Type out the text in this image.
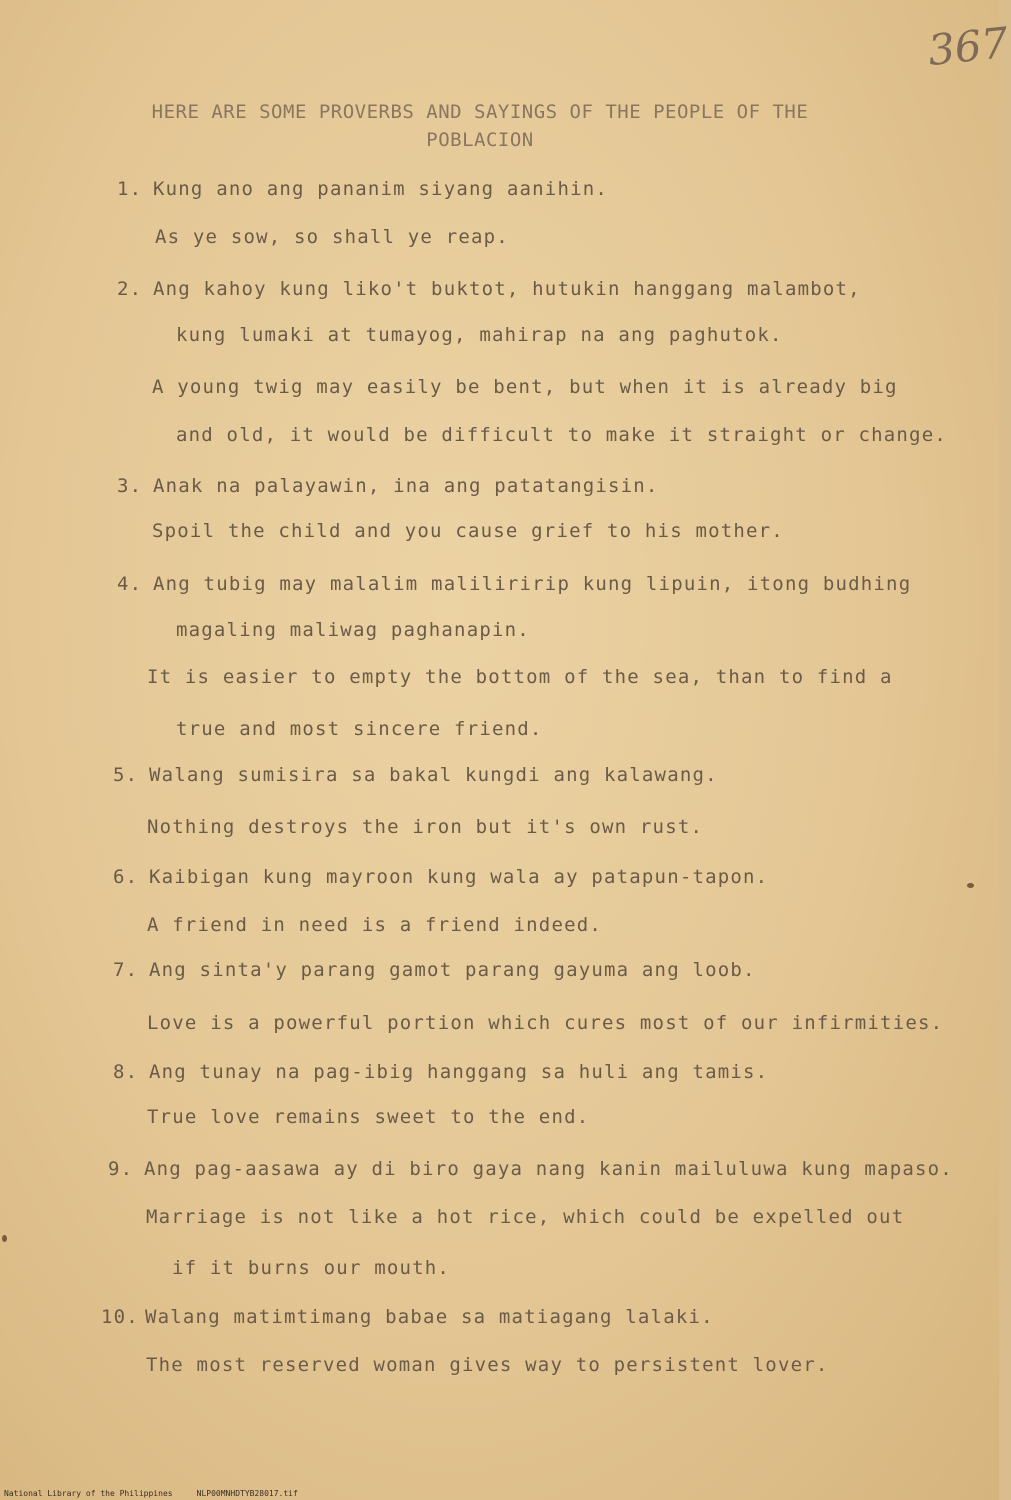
367
HERE ARE SOME PROVERBS AND SAYINGS OF THE PEOPLE OF THE
POBLACION
1. Kung ano ang pananim siyang aanihin.
As ye sow, so shall ye reap.
2. Ang kahoy kung liko't buktot, hutukin hanggang malambot,
kung lumaki at tumayog, mahirap na ang paghutok.
A young twig may easily be bent, but when it is already big
and old, it would be difficult to make it straight or change.
3. Anak na palayawin, ina ang patatangisin.
Spoil the child and you cause grief to his mother.
4. Ang tubig may malalim maliliririp kung lipuin, itong budhing
magaling maliwag paghanapin.
It is easier to empty the bottom of the sea, than to find a
true and most sincere friend.
5. Walang sumisira sa bakal kungdi ang kalawang.
Nothing destroys the iron but it's own rust.
6. Kaibigan kung mayroon kung wala ay patapun-tapon.
A friend in need is a friend indeed.
7. Ang sinta'y parang gamot parang gayuma ang loob.
Love is a powerful portion which cures most of our infirmities.
8. Ang tunay na pag-ibig hanggang sa huli ang tamis.
True love remains sweet to the end.
9. Ang pag-aasawa ay di biro gaya nang kanin mailuluwa kung mapaso.
Marriage is not like a hot rice, which could be expelled out
if it burns our mouth.
10. Walang matimtimang babae sa matiagang lalaki.
The most reserved woman gives way to persistent lover.
National Library of the Philippines     NLP00MNHDTYB28017.tif
